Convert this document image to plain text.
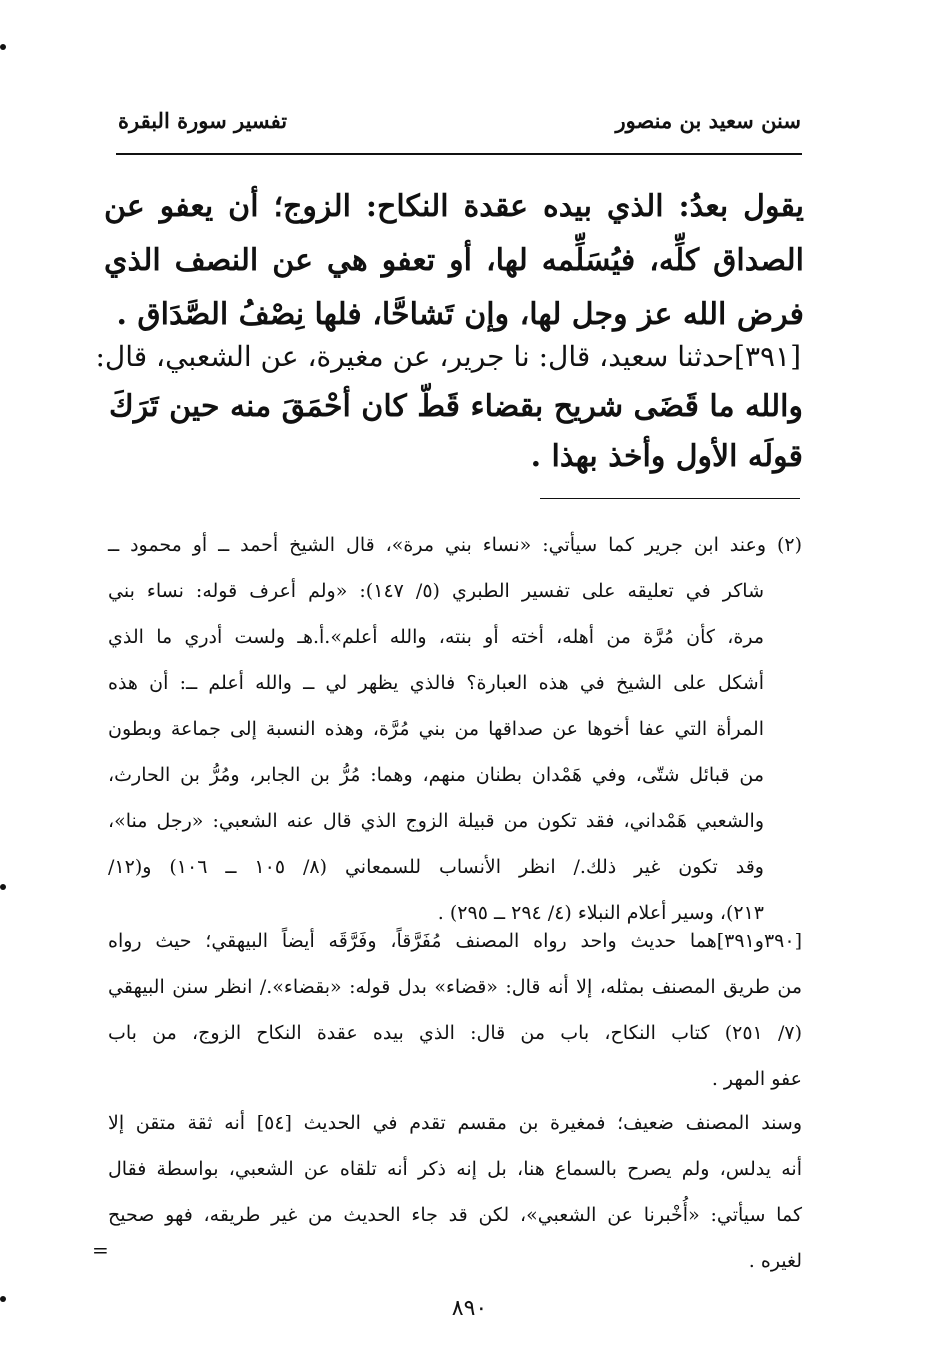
سنن سعيد بن منصور
تفسير سورة البقرة
يقول بعدُ: الذي بيده عقدة النكاح: الزوج؛ أن يعفو عن
الصداق كلِّه، فيُسَلِّمه لها، أو تعفو هي عن النصف الذي
فرض الله عز وجل لها، وإن تَشاحَّا، فلها نِصْفُ الصَّدَاق .
[٣٩١]حدثنا سعيد، قال: نا جرير، عن مغيرة، عن الشعبي، قال:
والله ما قَضَى شريح بقضاء قَطّ كان أحْمَقَ منه حين تَرَكَ
قولَه الأول وأخذ بهذا .
(٢) وعند ابن جرير كما سيأتي: «نساء بني مرة»، قال الشيخ أحمد ــ أو محمود ــ
شاكر في تعليقه على تفسير الطبري (٥/ ١٤٧): «ولم أعرف قوله: نساء بني
مرة، كأن مُرَّة من أهله، أخته أو بنته، والله أعلم».أ.هـ ولست أدري ما الذي
أشكل على الشيخ في هذه العبارة؟ فالذي يظهر لي ــ والله أعلم ــ: أن هذه
المرأة التي عفا أخوها عن صداقها من بني مُرَّة، وهذه النسبة إلى جماعة وبطون
من قبائل شتّى، وفي هَمْدان بطنان منهم، وهما: مُرُّ بن الجابر، ومُرُّ بن الحارث،
والشعبي هَمْداني، فقد تكون من قبيلة الزوج الذي قال عنه الشعبي: «رجل منا»،
وقد تكون غير ذلك./ انظر الأنساب للسمعاني (٨/ ١٠٥ ــ ١٠٦) و(١٢/
٢١٣)، وسير أعلام النبلاء (٤/ ٢٩٤ ــ ٢٩٥) .
[٣٩٠و٣٩١]هما حديث واحد رواه المصنف مُفَرَّقاً، وفَرَّقَه أيضاً البيهقي؛ حيث رواه
من طريق المصنف بمثله، إلا أنه قال: «قضاء» بدل قوله: «بقضاء»./ انظر سنن البيهقي
(٧/ ٢٥١) كتاب النكاح، باب من قال: الذي بيده عقدة النكاح الزوج، من باب
عفو المهر .
وسند المصنف ضعيف؛ فمغيرة بن مقسم تقدم في الحديث [٥٤] أنه ثقة متقن إلا
أنه يدلس، ولم يصرح بالسماع هنا، بل إنه ذكر أنه تلقاه عن الشعبي، بواسطة فقال
كما سيأتي: «أُخْبرنا عن الشعبي»، لكن قد جاء الحديث من غير طريقه، فهو صحيح
لغيره .
=
٨٩٠
